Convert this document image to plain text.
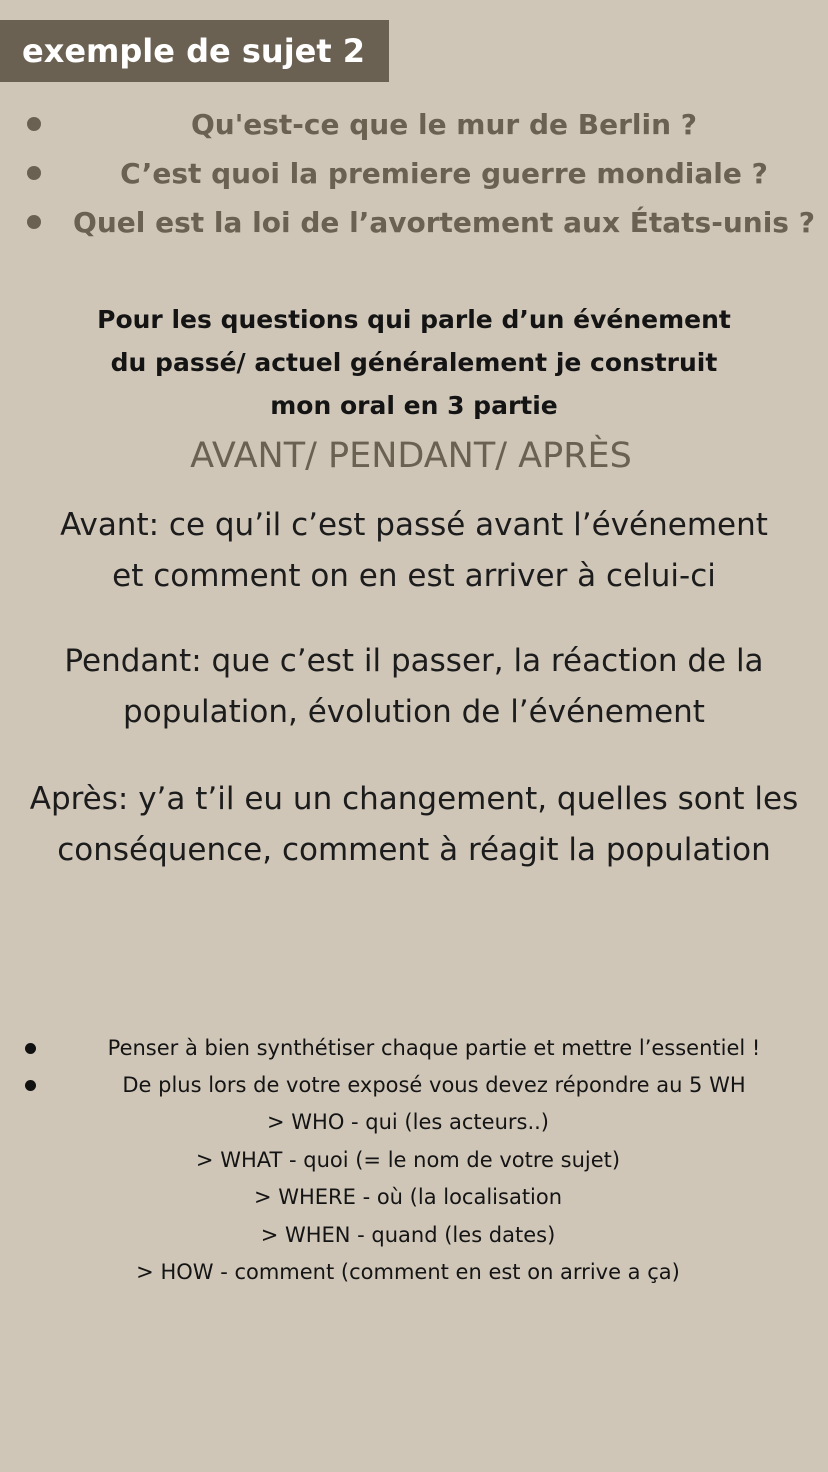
exemple de sujet 2
Qu'est-ce que le mur de Berlin ?
C’est quoi la premiere guerre mondiale ?
Quel est la loi de l’avortement aux États-unis ?
Pour les questions qui parle d’un événement
du passé/ actuel généralement je construit
mon oral en 3 partie
AVANT/ PENDANT/ APRÈS
Avant: ce qu’il c’est passé avant l’événement
et comment on en est arriver à celui-ci
Pendant: que c’est il passer, la réaction de la
population, évolution de l’événement
Après: y’a t’il eu un changement, quelles sont les
conséquence, comment à réagit la population
Penser à bien synthétiser chaque partie et mettre l’essentiel !
De plus lors de votre exposé vous devez répondre au 5 WH
> WHO - qui (les acteurs..)
> WHAT - quoi (= le nom de votre sujet)
> WHERE - où (la localisation
> WHEN - quand (les dates)
> HOW - comment (comment en est on arrive a ça)
